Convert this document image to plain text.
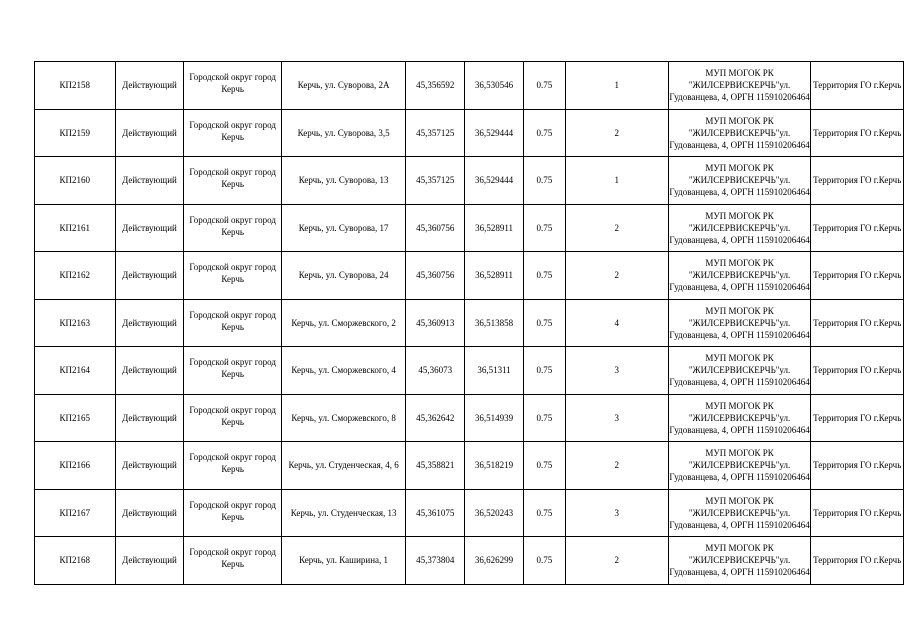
КП2158	Действующий	Городской округ город Керчь	Керчь, ул. Суворова, 2А	45,356592	36,530546	0.75	1	МУП МОГОК РК "ЖИЛСЕРВИСКЕРЧЬ"ул. Гудованцева, 4, ОРГН 115910206464	Территория ГО г.Керчь
КП2159	Действующий	Городской округ город Керчь	Керчь, ул. Суворова, 3,5	45,357125	36,529444	0.75	2	МУП МОГОК РК "ЖИЛСЕРВИСКЕРЧЬ"ул. Гудованцева, 4, ОРГН 115910206464	Территория ГО г.Керчь
КП2160	Действующий	Городской округ город Керчь	Керчь, ул. Суворова, 13	45,357125	36,529444	0.75	1	МУП МОГОК РК "ЖИЛСЕРВИСКЕРЧЬ"ул. Гудованцева, 4, ОРГН 115910206464	Территория ГО г.Керчь
КП2161	Действующий	Городской округ город Керчь	Керчь, ул. Суворова, 17	45,360756	36,528911	0.75	2	МУП МОГОК РК "ЖИЛСЕРВИСКЕРЧЬ"ул. Гудованцева, 4, ОРГН 115910206464	Территория ГО г.Керчь
КП2162	Действующий	Городской округ город Керчь	Керчь, ул. Суворова, 24	45,360756	36,528911	0.75	2	МУП МОГОК РК "ЖИЛСЕРВИСКЕРЧЬ"ул. Гудованцева, 4, ОРГН 115910206464	Территория ГО г.Керчь
КП2163	Действующий	Городской округ город Керчь	Керчь, ул. Сморжевского, 2	45,360913	36,513858	0.75	4	МУП МОГОК РК "ЖИЛСЕРВИСКЕРЧЬ"ул. Гудованцева, 4, ОРГН 115910206464	Территория ГО г.Керчь
КП2164	Действующий	Городской округ город Керчь	Керчь, ул. Сморжевского, 4	45,36073	36,51311	0.75	3	МУП МОГОК РК "ЖИЛСЕРВИСКЕРЧЬ"ул. Гудованцева, 4, ОРГН 115910206464	Территория ГО г.Керчь
КП2165	Действующий	Городской округ город Керчь	Керчь, ул. Сморжевского, 8	45,362642	36,514939	0.75	3	МУП МОГОК РК "ЖИЛСЕРВИСКЕРЧЬ"ул. Гудованцева, 4, ОРГН 115910206464	Территория ГО г.Керчь
КП2166	Действующий	Городской округ город Керчь	Керчь, ул. Студенческая, 4, 6	45,358821	36,518219	0.75	2	МУП МОГОК РК "ЖИЛСЕРВИСКЕРЧЬ"ул. Гудованцева, 4, ОРГН 115910206464	Территория ГО г.Керчь
КП2167	Действующий	Городской округ город Керчь	Керчь, ул. Студенческая, 13	45,361075	36,520243	0.75	3	МУП МОГОК РК "ЖИЛСЕРВИСКЕРЧЬ"ул. Гудованцева, 4, ОРГН 115910206464	Территория ГО г.Керчь
КП2168	Действующий	Городской округ город Керчь	Керчь, ул. Каширина, 1	45,373804	36,626299	0.75	2	МУП МОГОК РК "ЖИЛСЕРВИСКЕРЧЬ"ул. Гудованцева, 4, ОРГН 115910206464	Территория ГО г.Керчь
